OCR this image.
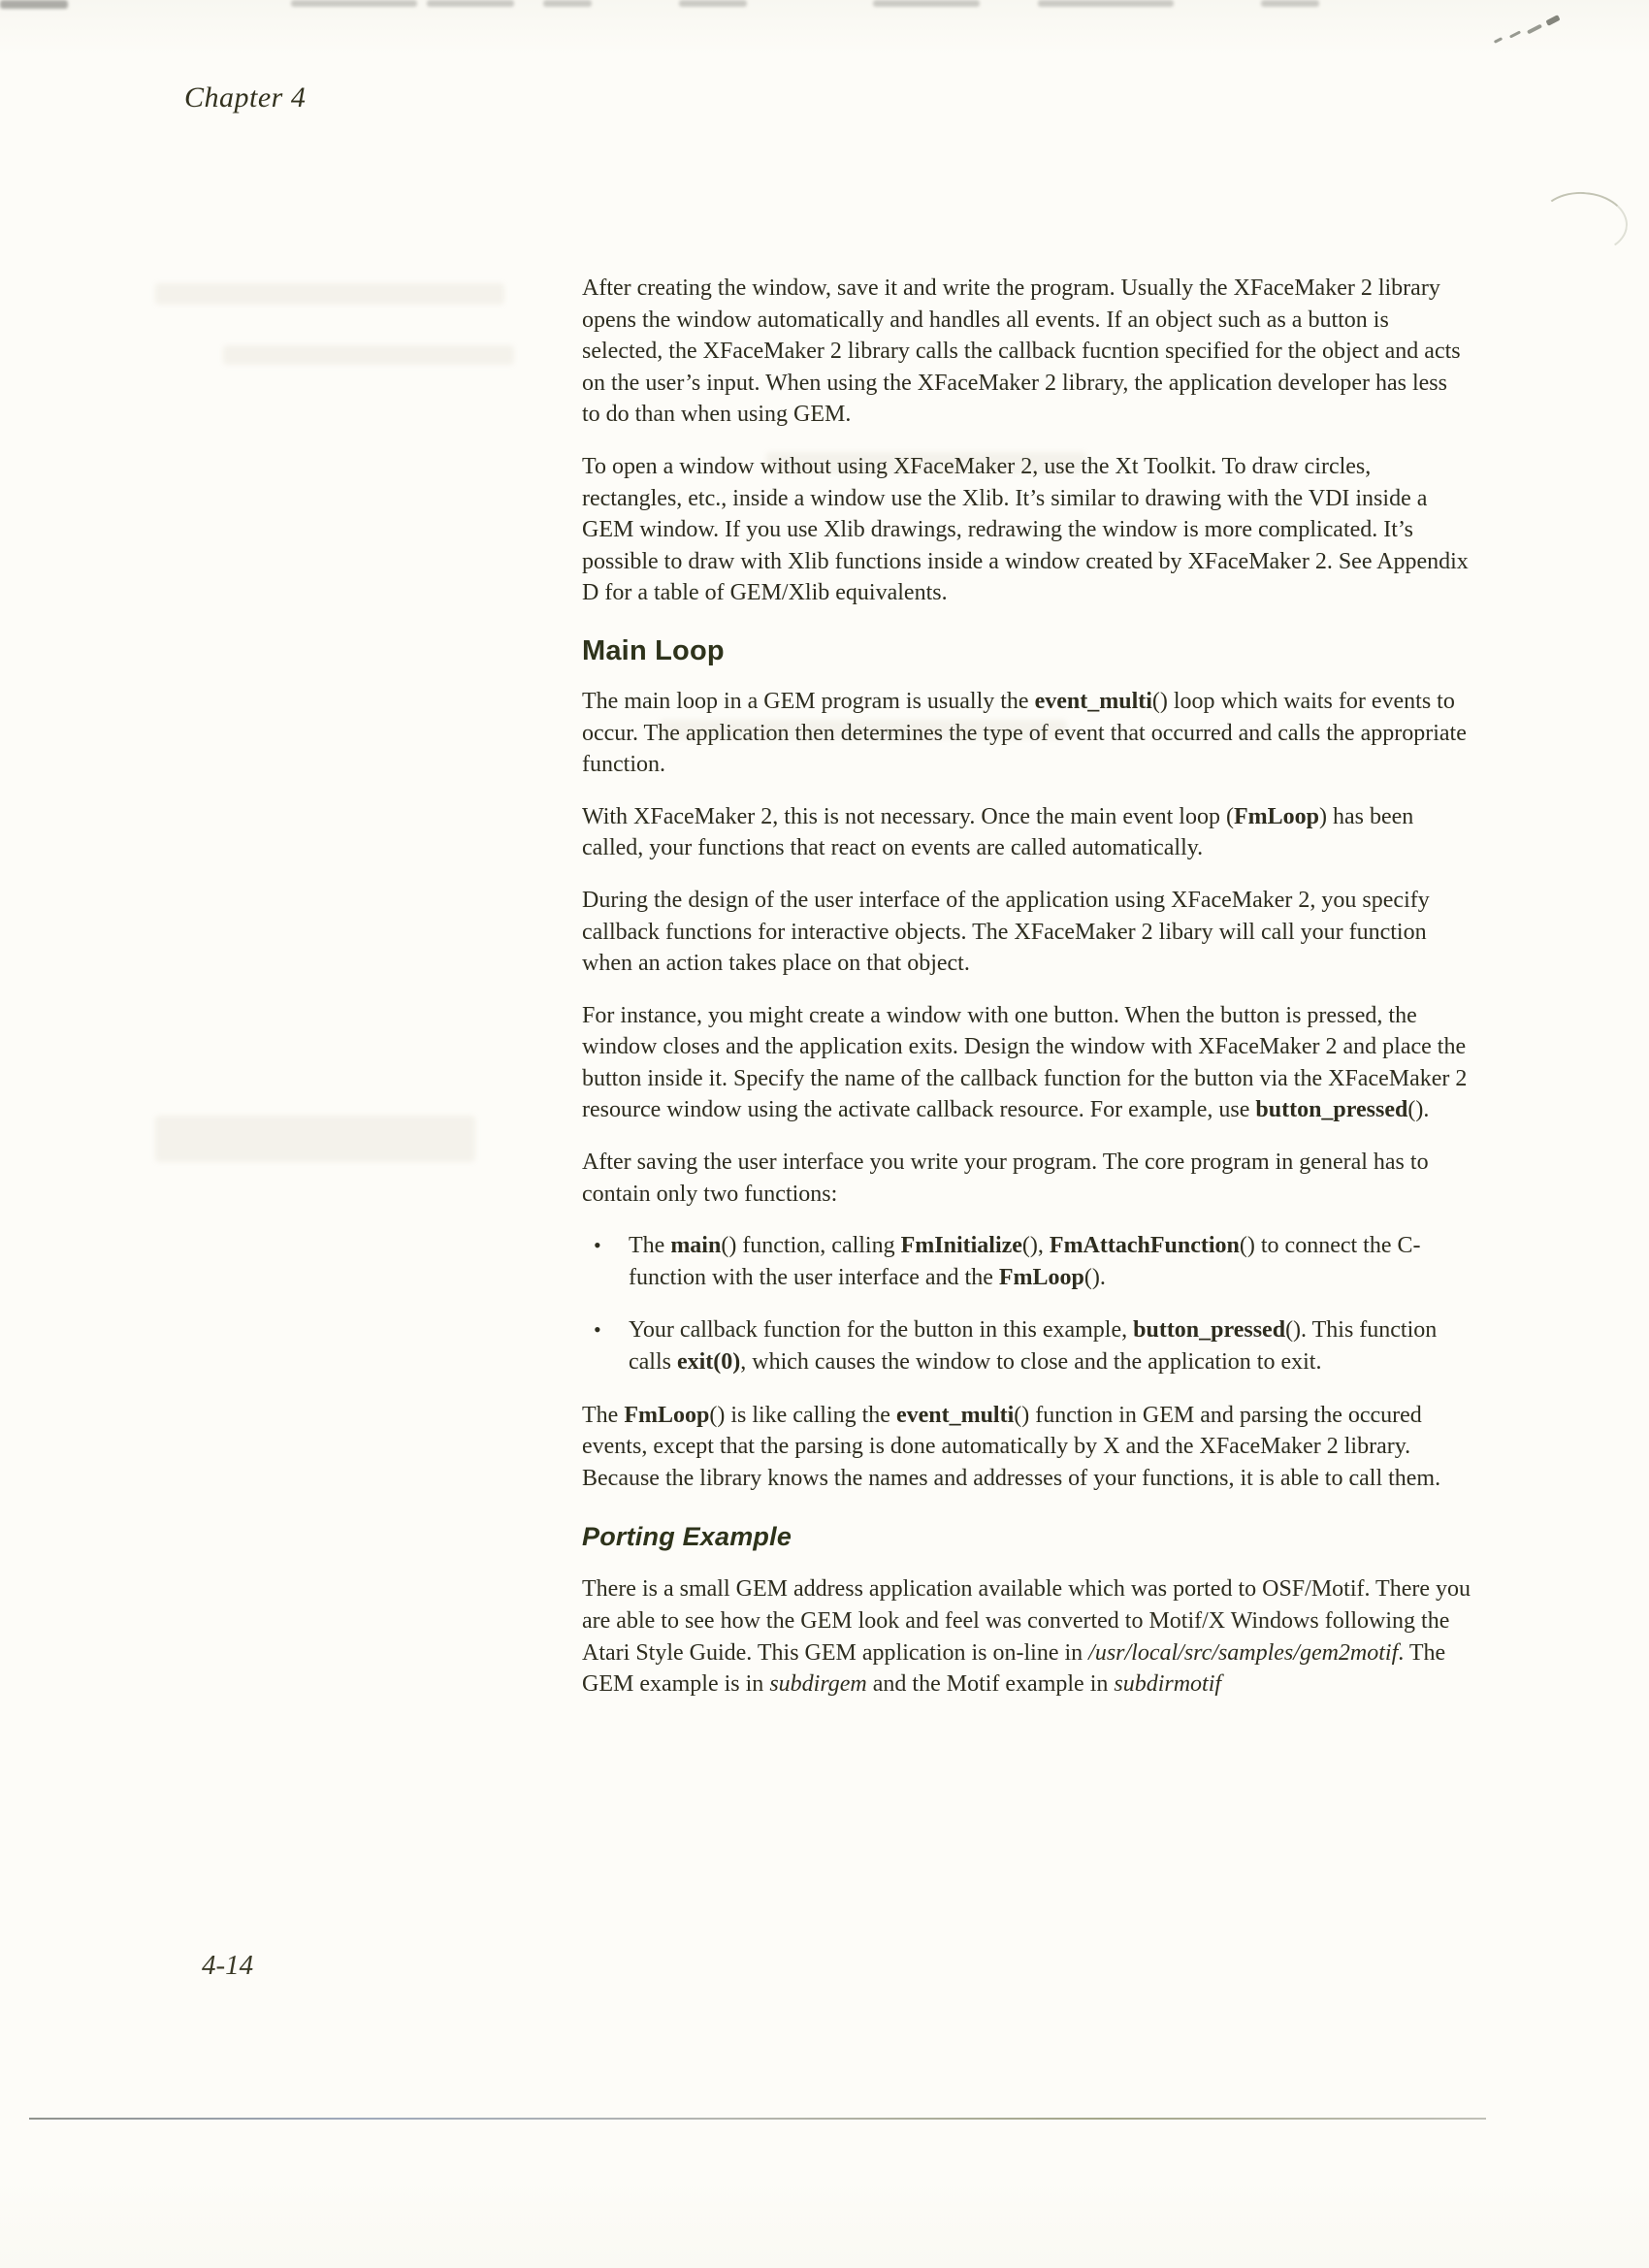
Chapter 4

After creating the window, save it and write the program. Usually the XFaceMaker 2 library opens the window automatically and handles all events. If an object such as a button is selected, the XFaceMaker 2 library calls the callback fucntion specified for the object and acts on the user’s input. When using the XFaceMaker 2 library, the application developer has less to do than when using GEM.

To open a window without using XFaceMaker 2, use the Xt Toolkit. To draw circles, rectangles, etc., inside a window use the Xlib. It’s similar to drawing with the VDI inside a GEM window. If you use Xlib drawings, redrawing the window is more complicated. It’s possible to draw with Xlib functions inside a window created by XFaceMaker 2. See Appendix D for a table of GEM/Xlib equivalents.

Main Loop

The main loop in a GEM program is usually the event_multi() loop which waits for events to occur. The application then determines the type of event that occurred and calls the appropriate function.

With XFaceMaker 2, this is not necessary. Once the main event loop (FmLoop) has been called, your functions that react on events are called automatically.

During the design of the user interface of the application using XFaceMaker 2, you specify callback functions for interactive objects. The XFaceMaker 2 libary will call your function when an action takes place on that object.

For instance, you might create a window with one button. When the button is pressed, the window closes and the application exits. Design the window with XFaceMaker 2 and place the button inside it. Specify the name of the callback function for the button via the XFaceMaker 2 resource window using the activate callback resource. For example, use button_pressed().

After saving the user interface you write your program. The core program in general has to contain only two functions:

•	The main() function, calling FmInitialize(), FmAttachFunction() to connect the C-function with the user interface and the FmLoop().
•	Your callback function for the button in this example, button_pressed(). This function calls exit(0), which causes the window to close and the application to exit.

The FmLoop() is like calling the event_multi() function in GEM and parsing the occured events, except that the parsing is done automatically by X and the XFaceMaker 2 library. Because the library knows the names and addresses of your functions, it is able to call them.

Porting Example

There is a small GEM address application available which was ported to OSF/Motif. There you are able to see how the GEM look and feel was converted to Motif/X Windows following the Atari Style Guide. This GEM application is on-line in /usr/local/src/samples/gem2motif. The GEM example is in subdirgem and the Motif example in subdirmotif

4-14
